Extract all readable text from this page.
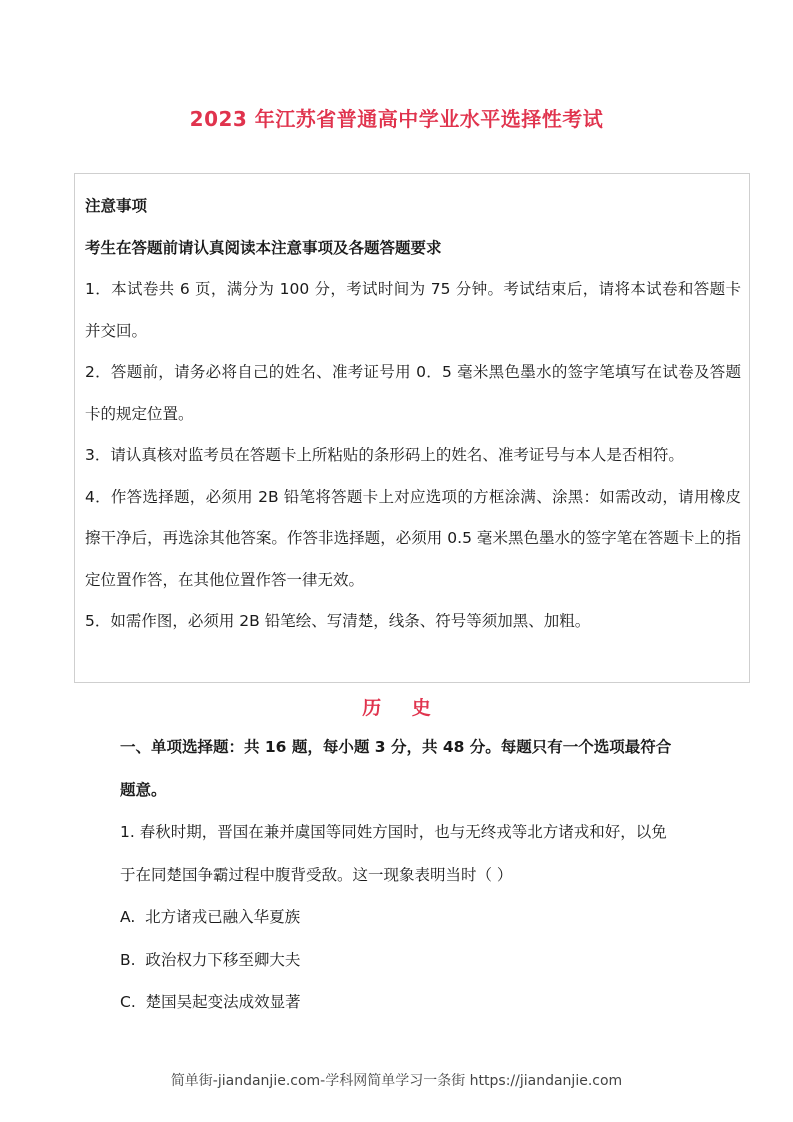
2023 年江苏省普通高中学业水平选择性考试
注意事项
考生在答题前请认真阅读本注意事项及各题答题要求
1．本试卷共 6 页，满分为 100 分，考试时间为 75 分钟。考试结束后，请将本试卷和答题卡并交回。
2．答题前，请务必将自己的姓名、准考证号用 0．5 毫米黑色墨水的签字笔填写在试卷及答题卡的规定位置。
3．请认真核对监考员在答题卡上所粘贴的条形码上的姓名、准考证号与本人是否相符。
4．作答选择题，必须用 2B 铅笔将答题卡上对应选项的方框涂满、涂黑：如需改动，请用橡皮擦干净后，再选涂其他答案。作答非选择题，必须用 0.5 毫米黑色墨水的签字笔在答题卡上的指定位置作答，在其他位置作答一律无效。
5．如需作图，必须用 2B 铅笔绘、写清楚，线条、符号等须加黑、加粗。
历 史
一、单项选择题：共 16 题，每小题 3 分，共 48 分。每题只有一个选项最符合题意。
1. 春秋时期，晋国在兼并虞国等同姓方国时，也与无终戎等北方诸戎和好，以免于在同楚国争霸过程中腹背受敌。这一现象表明当时（ ）
A.  北方诸戎已融入华夏族
B.  政治权力下移至卿大夫
C.  楚国吴起变法成效显著
简单街-jiandanjie.com-学科网简单学习一条街 https://jiandanjie.com
